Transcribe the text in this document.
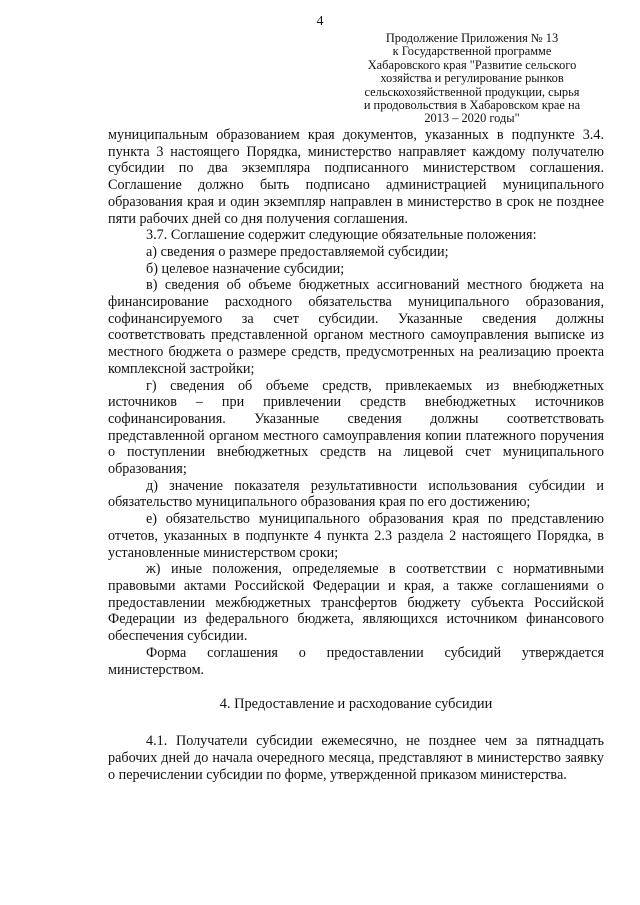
4
Продолжение Приложения № 13
к Государственной программе
Хабаровского края "Развитие сельского
хозяйства и регулирование рынков
сельскохозяйственной продукции, сырья
и продовольствия в Хабаровском крае на
2013 – 2020 годы"

муниципальным образованием края документов, указанных в подпункте 3.4. пункта 3 настоящего Порядка, министерство направляет каждому получателю субсидии по два экземпляра подписанного министерством соглашения. Соглашение должно быть подписано администрацией муниципального образования края и один экземпляр направлен в министерство в срок не позднее пяти рабочих дней со дня получения соглашения.

3.7. Соглашение содержит следующие обязательные положения:

а) сведения о размере предоставляемой субсидии;

б) целевое назначение субсидии;

в) сведения об объеме бюджетных ассигнований местного бюджета на финансирование расходного обязательства муниципального образования, софинансируемого за счет субсидии. Указанные сведения должны соответствовать представленной органом местного самоуправления выписке из местного бюджета о размере средств, предусмотренных на реализацию проекта комплексной застройки;

г) сведения об объеме средств, привлекаемых из внебюджетных источников – при привлечении средств внебюджетных источников софинансирования. Указанные сведения должны соответствовать представленной органом местного самоуправления копии платежного поручения о поступлении внебюджетных средств на лицевой счет муниципального образования;

д) значение показателя результативности использования субсидии и обязательство муниципального образования края по его достижению;

е) обязательство муниципального образования края по представлению отчетов, указанных в подпункте 4 пункта 2.3 раздела 2 настоящего Порядка, в установленные министерством сроки;

ж) иные положения, определяемые в соответствии с нормативными правовыми актами Российской Федерации и края, а также соглашениями о предоставлении межбюджетных трансфертов бюджету субъекта Российской Федерации из федерального бюджета, являющихся источником финансового обеспечения субсидии.

Форма соглашения о предоставлении субсидий утверждается министерством.

4. Предоставление и расходование субсидии

4.1. Получатели субсидии ежемесячно, не позднее чем за пятнадцать рабочих дней до начала очередного месяца, представляют в министерство заявку о перечислении субсидии по форме, утвержденной приказом министерства.
